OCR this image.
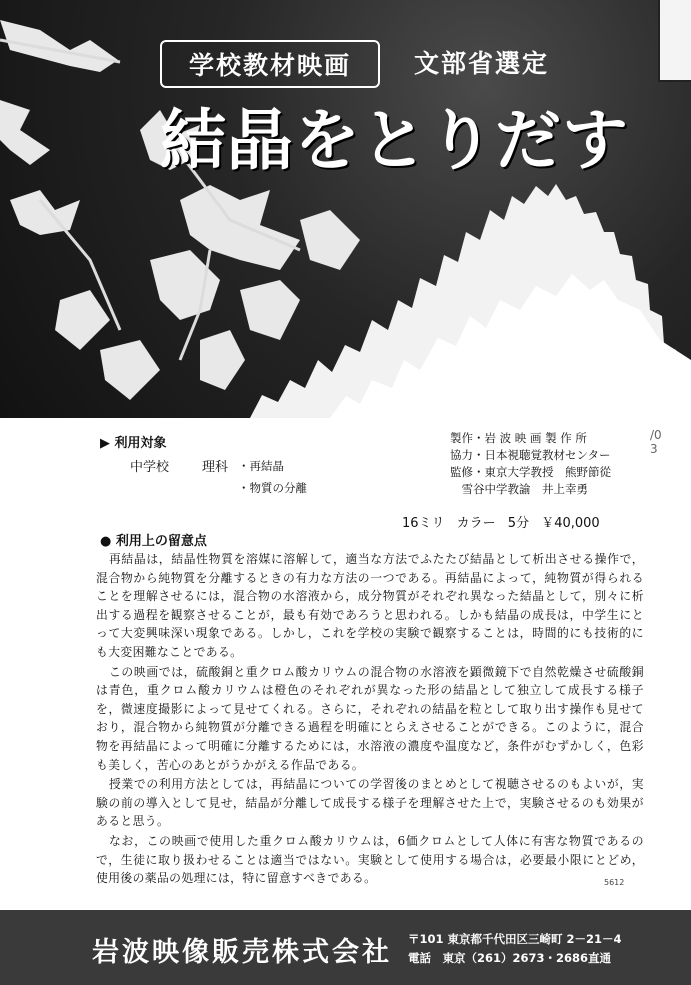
学校教材映画	文部省選定
結晶をとりだす
▶ 利用対象
中学校	理科 ・再結晶
・物質の分離
製作・岩 波 映 画 製 作 所
協力・日本視聴覚教材センター
監修・東京大学教授　熊野節從
　雪谷中学教諭　井上幸勇
/0 3
16ミリ カラー 5分 ￥40,000
● 利用上の留意点

再結晶は，結晶性物質を溶媒に溶解して，適当な方法でふたたび結晶として析出させる操作で，混合物から純物質を分離するときの有力な方法の一つである。再結晶によって，純物質が得られることを理解させるには，混合物の水溶液から，成分物質がそれぞれ異なった結晶として，別々に析出する過程を観察させることが，最も有効であろうと思われる。しかも結晶の成長は，中学生にとって大変興味深い現象である。しかし，これを学校の実験で観察することは，時間的にも技術的にも大変困難なことである。

この映画では，硫酸銅と重クロム酸カリウムの混合物の水溶液を顕微鏡下で自然乾燥させ硫酸銅は青色，重クロム酸カリウムは橙色のそれぞれが異なった形の結晶として独立して成長する様子を，微速度撮影によって見せてくれる。さらに，それぞれの結晶を粒として取り出す操作も見せており，混合物から純物質が分離できる過程を明確にとらえさせることができる。このように，混合物を再結晶によって明確に分離するためには，水溶液の濃度や温度など，条件がむずかしく，色彩も美しく，苦心のあとがうかがえる作品である。

授業での利用方法としては，再結晶についての学習後のまとめとして視聴させるのもよいが，実験の前の導入として見せ，結晶が分離して成長する様子を理解させた上で，実験させるのも効果があると思う。

なお，この映画で使用した重クロム酸カリウムは，6価クロムとして人体に有害な物質であるので，生徒に取り扱わせることは適当ではない。実験として使用する場合は，必要最小限にとどめ，使用後の薬品の処理には，特に留意すべきである。	5612
岩波映像販売株式会社 〒101 東京都千代田区三崎町 2－21－4
電話　東京（261）2673・2686直通
